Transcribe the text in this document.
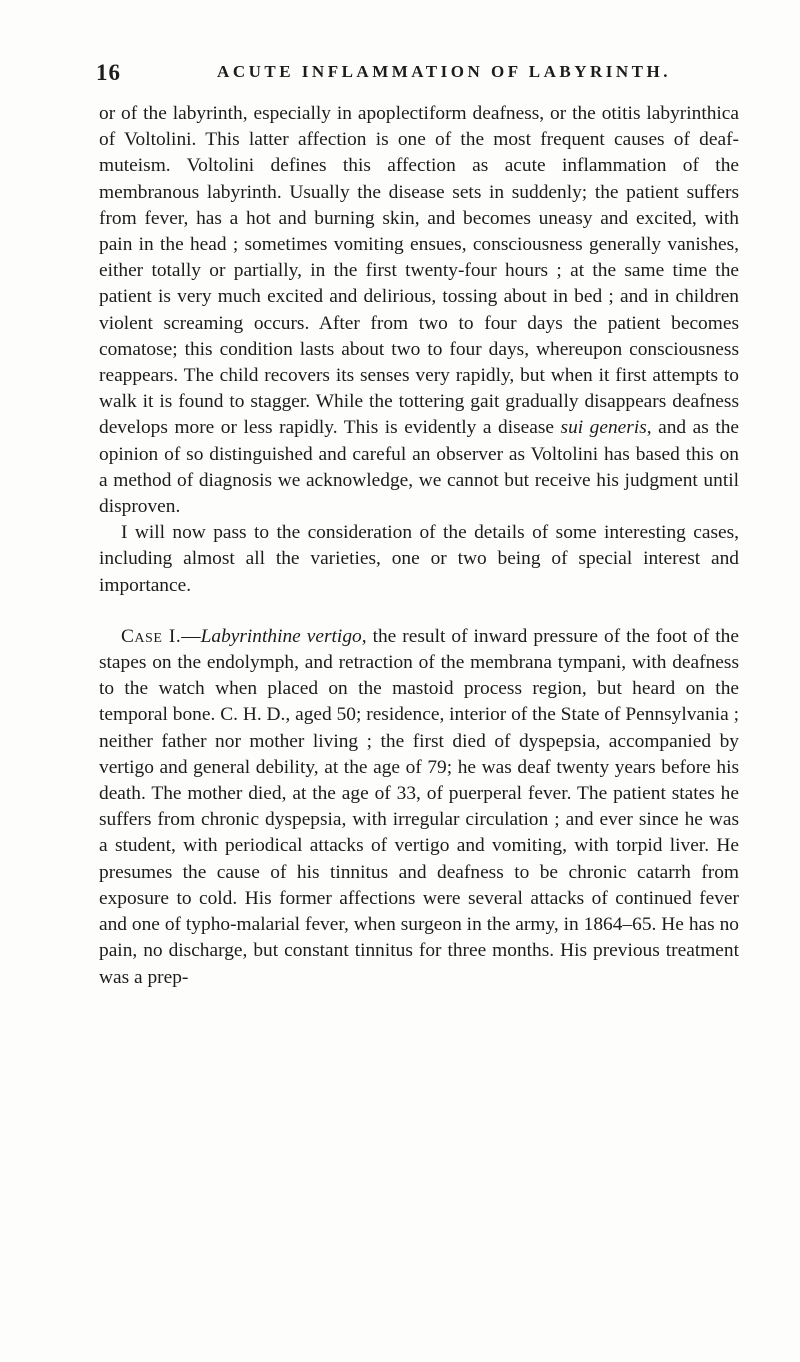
16	ACUTE INFLAMMATION OF LABYRINTH.

or of the labyrinth, especially in apoplectiform deafness, or the otitis labyrinthica of Voltolini. This latter affection is one of the most frequent causes of deaf-muteism. Voltolini defines this affection as acute inflammation of the membranous labyrinth. Usually the disease sets in suddenly; the patient suffers from fever, has a hot and burning skin, and becomes uneasy and excited, with pain in the head ; sometimes vomiting ensues, consciousness generally vanishes, either totally or partially, in the first twenty-four hours ; at the same time the patient is very much excited and delirious, tossing about in bed ; and in children violent screaming occurs. After from two to four days the patient becomes comatose; this condition lasts about two to four days, whereupon consciousness reappears. The child recovers its senses very rapidly, but when it first attempts to walk it is found to stagger. While the tottering gait gradually disappears deafness develops more or less rapidly. This is evidently a disease sui generis, and as the opinion of so distinguished and careful an observer as Voltolini has based this on a method of diagnosis we acknowledge, we cannot but receive his judgment until disproven.

I will now pass to the consideration of the details of some interesting cases, including almost all the varieties, one or two being of special interest and importance.

Case I.—Labyrinthine vertigo, the result of inward pressure of the foot of the stapes on the endolymph, and retraction of the membrana tympani, with deafness to the watch when placed on the mastoid process region, but heard on the temporal bone. C. H. D., aged 50; residence, interior of the State of Pennsylvania ; neither father nor mother living ; the first died of dyspepsia, accompanied by vertigo and general debility, at the age of 79; he was deaf twenty years before his death. The mother died, at the age of 33, of puerperal fever. The patient states he suffers from chronic dyspepsia, with irregular circulation ; and ever since he was a student, with periodical attacks of vertigo and vomiting, with torpid liver. He presumes the cause of his tinnitus and deafness to be chronic catarrh from exposure to cold. His former affections were several attacks of continued fever and one of typho-malarial fever, when surgeon in the army, in 1864–65. He has no pain, no discharge, but constant tinnitus for three months. His previous treatment was a prep-
